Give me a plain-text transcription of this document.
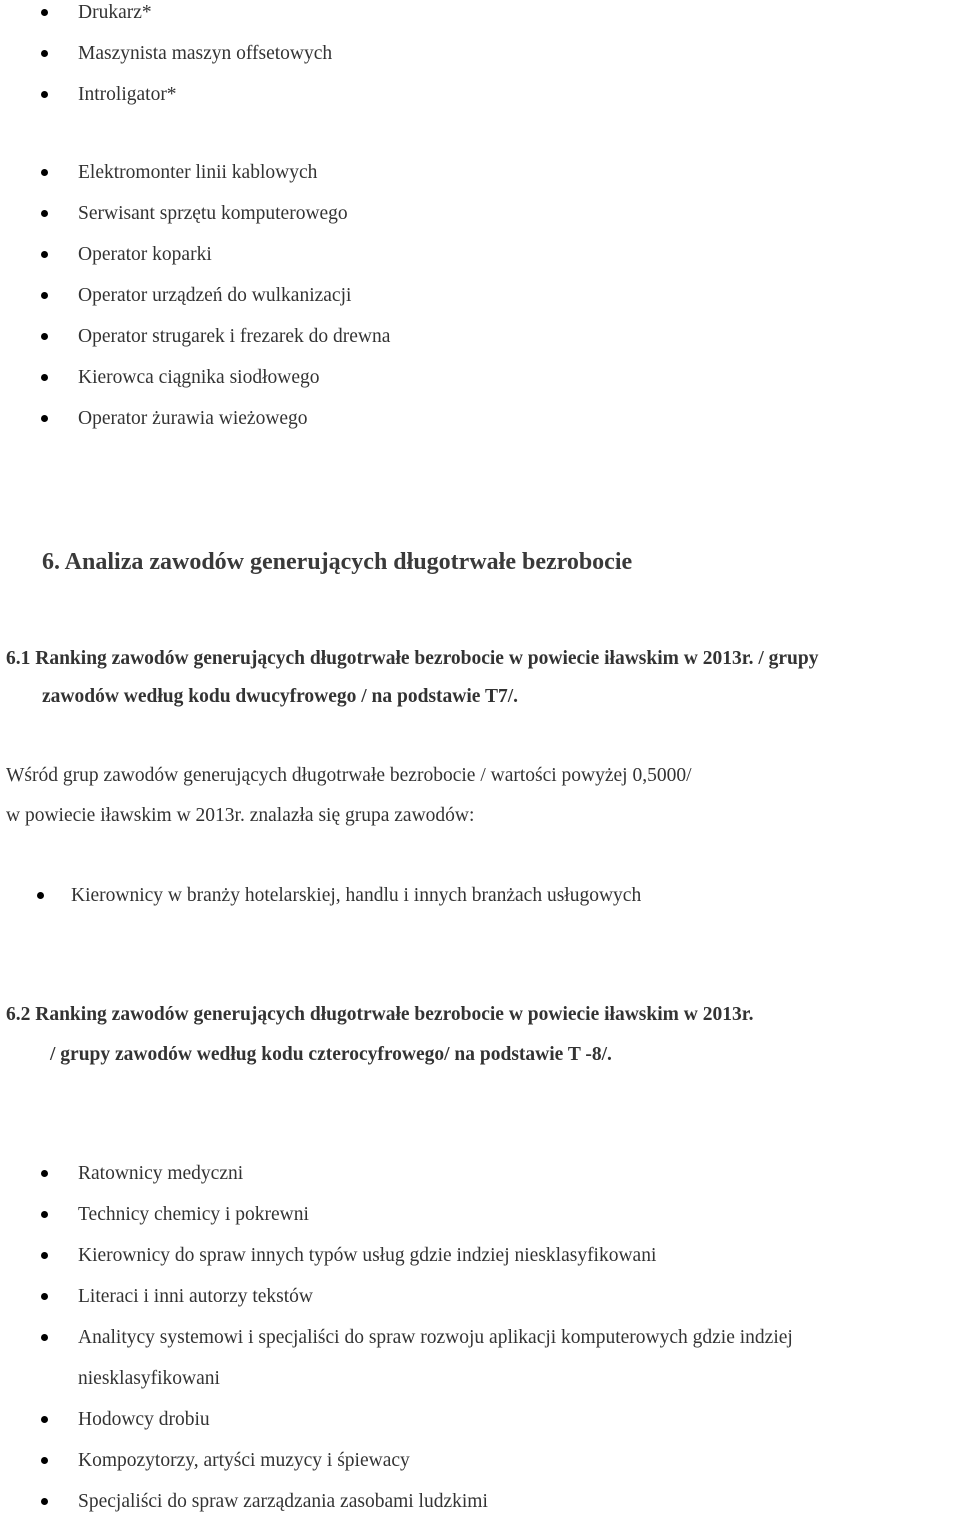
Drukarz*
Maszynista maszyn offsetowych
Introligator*
Elektromonter linii kablowych
Serwisant sprzętu komputerowego
Operator koparki
Operator urządzeń do wulkanizacji
Operator strugarek i frezarek do drewna
Kierowca ciągnika siodłowego
Operator żurawia wieżowego
6. Analiza zawodów generujących długotrwałe bezrobocie
6.1 Ranking zawodów generujących długotrwałe bezrobocie w powiecie iławskim w 2013r. / grupy
zawodów według kodu dwucyfrowego / na podstawie T7/.

Wśród grup zawodów generujących długotrwałe bezrobocie / wartości powyżej 0,5000/

w powiecie iławskim w 2013r. znalazła się grupa zawodów:

Kierownicy w branży hotelarskiej, handlu i innych branżach usługowych
6.2 Ranking zawodów generujących długotrwałe bezrobocie w powiecie iławskim w 2013r.
/ grupy zawodów według kodu czterocyfrowego/ na podstawie T -8/.
Ratownicy medyczni
Technicy chemicy i pokrewni
Kierownicy do spraw innych typów usług gdzie indziej niesklasyfikowani
Literaci i inni autorzy tekstów
Analitycy systemowi i specjaliści do spraw rozwoju aplikacji komputerowych gdzie indziej niesklasyfikowani
Hodowcy drobiu
Kompozytorzy, artyści muzycy i śpiewacy
Specjaliści do spraw zarządzania zasobami ludzkimi
